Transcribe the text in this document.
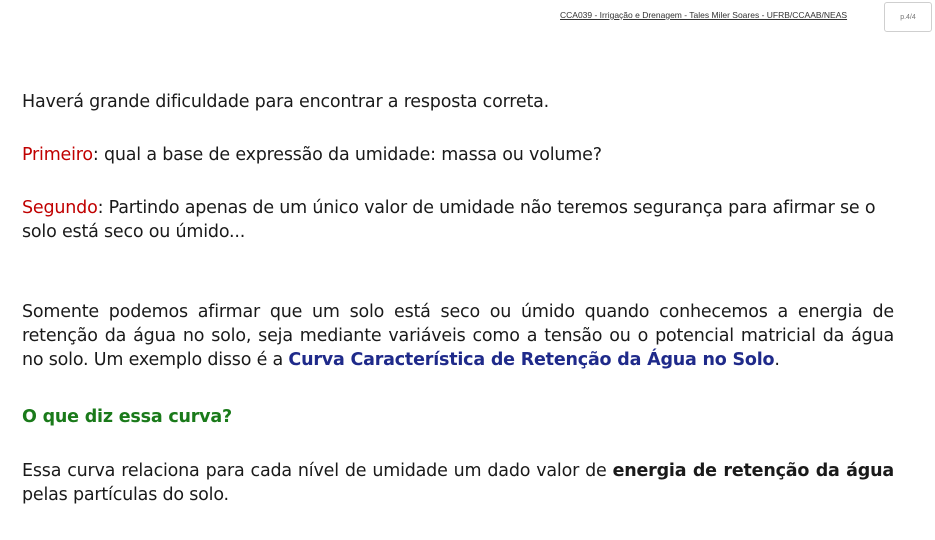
CCA039 - Irrigação e Drenagem - Tales Miler Soares - UFRB/CCAAB/NEAS	p.4/4
Haverá grande dificuldade para encontrar a resposta correta.
Primeiro: qual a base de expressão da umidade: massa ou volume?
Segundo: Partindo apenas de um único valor de umidade não teremos segurança para afirmar se o solo está seco ou úmido...
Somente podemos afirmar que um solo está seco ou úmido quando conhecemos a energia de retenção da água no solo, seja mediante variáveis como a tensão ou o potencial matricial da água no solo. Um exemplo disso é a Curva Característica de Retenção da Água no Solo.
O que diz essa curva?
Essa curva relaciona para cada nível de umidade um dado valor de energia de retenção da água pelas partículas do solo.
